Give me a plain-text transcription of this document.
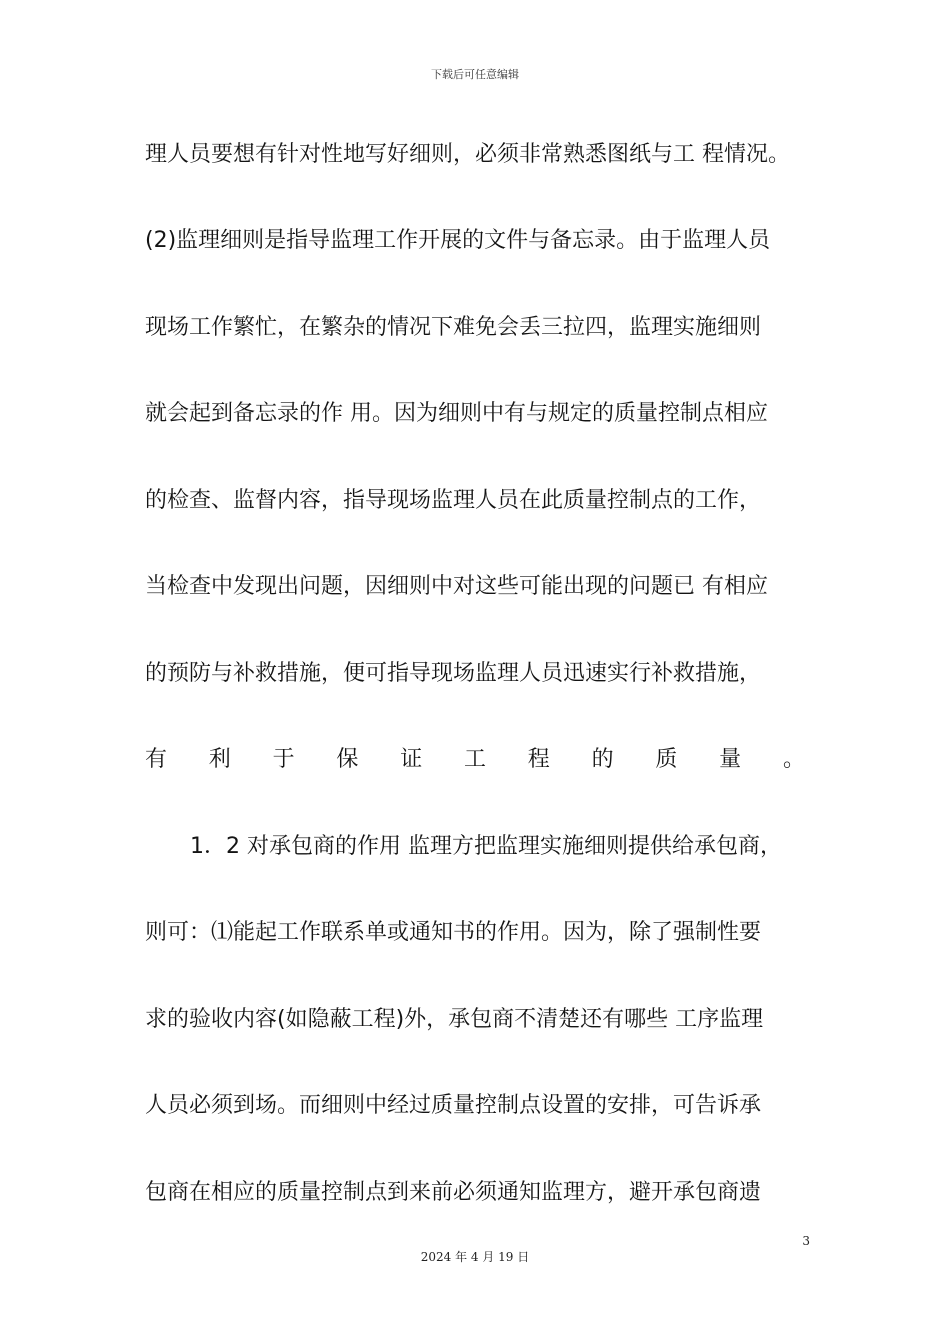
下载后可任意编辑
理人员要想有针对性地写好细则，必须非常熟悉图纸与工 程情况。
(2)监理细则是指导监理工作开展的文件与备忘录。由于监理人员
现场工作繁忙，在繁杂的情况下难免会丢三拉四，监理实施细则
就会起到备忘录的作 用。因为细则中有与规定的质量控制点相应
的检查、监督内容，指导现场监理人员在此质量控制点的工作，
当检查中发现出问题，因细则中对这些可能出现的问题已 有相应
的预防与补救措施，便可指导现场监理人员迅速实行补救措施，
有 利 于 保 证 工 程 的 质 量 。
1．2 对承包商的作用 监理方把监理实施细则提供给承包商，
则可：⑴能起工作联系单或通知书的作用。因为，除了强制性要
求的验收内容(如隐蔽工程)外，承包商不清楚还有哪些 工序监理
人员必须到场。而细则中经过质量控制点设置的安排，可告诉承
包商在相应的质量控制点到来前必须通知监理方，避开承包商遗
3
2024 年 4 月 19 日
